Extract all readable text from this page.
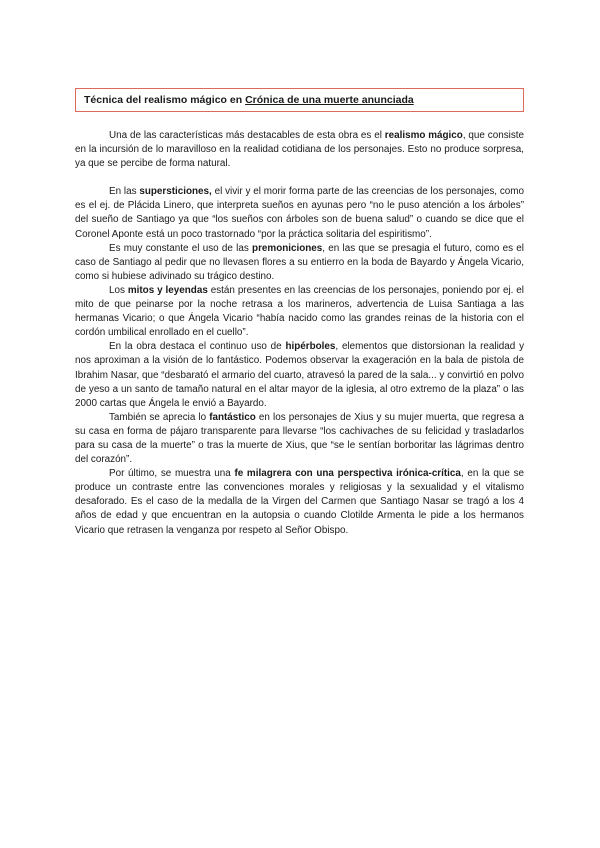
Técnica del realismo mágico en Crónica de una muerte anunciada

Una de las características más destacables de esta obra es el realismo mágico, que consiste en la incursión de lo maravilloso en la realidad cotidiana de los personajes. Esto no produce sorpresa, ya que se percibe de forma natural.

En las supersticiones, el vivir y el morir forma parte de las creencias de los personajes, como es el ej. de Plácida Linero, que interpreta sueños en ayunas pero “no le puso atención a los árboles” del sueño de Santiago ya que “los sueños con árboles son de buena salud” o cuando se dice que el Coronel Aponte está un poco trastornado “por la práctica solitaria del espiritismo”.

Es muy constante el uso de las premoniciones, en las que se presagia el futuro, como es el caso de Santiago al pedir que no llevasen flores a su entierro en la boda de Bayardo y Ángela Vicario, como si hubiese adivinado su trágico destino.

Los mitos y leyendas están presentes en las creencias de los personajes, poniendo por ej. el mito de que peinarse por la noche retrasa a los marineros, advertencia de Luisa Santiaga a las hermanas Vicario; o que Ángela Vicario “había nacido como las grandes reinas de la historia con el cordón umbilical enrollado en el cuello”.

En la obra destaca el continuo uso de hipérboles, elementos que distorsionan la realidad y nos aproximan a la visión de lo fantástico. Podemos observar la exageración en la bala de pistola de Ibrahim Nasar, que “desbarató el armario del cuarto, atravesó la pared de la sala... y convirtió en polvo de yeso a un santo de tamaño natural en el altar mayor de la iglesia, al otro extremo de la plaza” o las 2000 cartas que Ángela le envió a Bayardo.

También se aprecia lo fantástico en los personajes de Xius y su mujer muerta, que regresa a su casa en forma de pájaro transparente para llevarse “los cachivaches de su felicidad y trasladarlos para su casa de la muerte” o tras la muerte de Xius, que “se le sentían borboritar las lágrimas dentro del corazón”.

Por último, se muestra una fe milagrera con una perspectiva irónica-crítica, en la que se produce un contraste entre las convenciones morales y religiosas y la sexualidad y el vitalismo desaforado. Es el caso de la medalla de la Virgen del Carmen que Santiago Nasar se tragó a los 4 años de edad y que encuentran en la autopsia o cuando Clotilde Armenta le pide a los hermanos Vicario que retrasen la venganza por respeto al Señor Obispo.
